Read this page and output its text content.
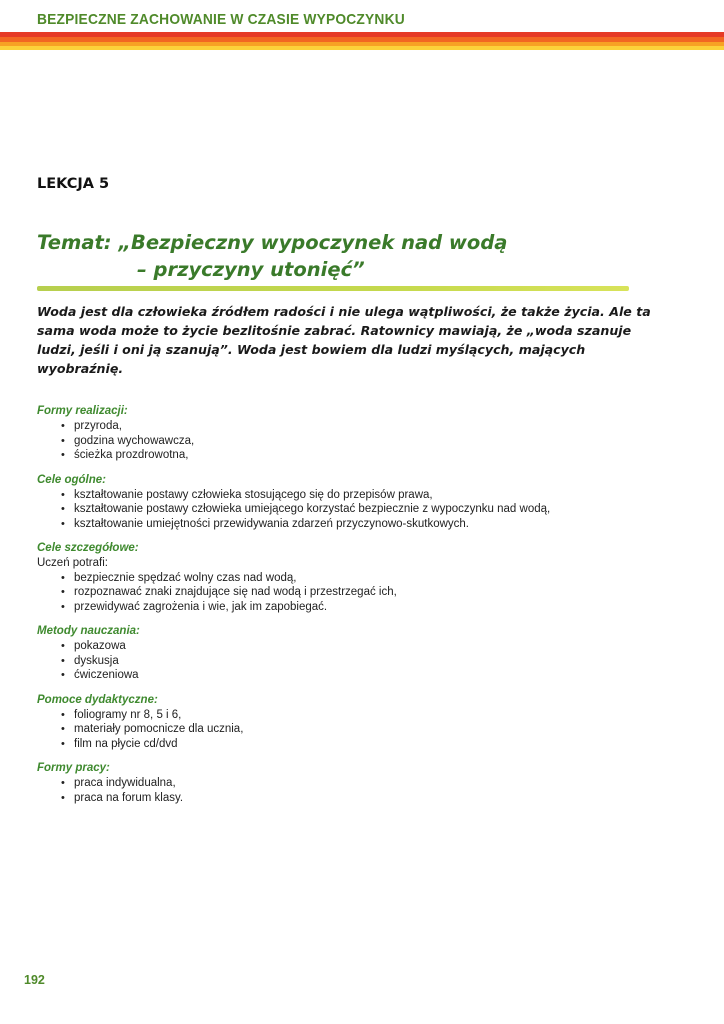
BEZPIECZNE ZACHOWANIE W CZASIE WYPOCZYNKU
LEKCJA 5
Temat: „Bezpieczny wypoczynek nad wodą
– przyczyny utonięć”
Woda jest dla człowieka źródłem radości i nie ulega wątpliwości, że także życia. Ale ta sama woda może to życie bezlitośnie zabrać. Ratownicy mawiają, że „woda szanuje ludzi, jeśli i oni ją szanują”. Woda jest bowiem dla ludzi myślących, mających wyobraźnię.
Formy realizacji:
• przyroda,
• godzina wychowawcza,
• ścieżka prozdrowotna,
Cele ogólne:
• kształtowanie postawy człowieka stosującego się do przepisów prawa,
• kształtowanie postawy człowieka umiejącego korzystać bezpiecznie z wypoczynku nad wodą,
• kształtowanie umiejętności przewidywania zdarzeń przyczynowo-skutkowych.
Cele szczegółowe:
Uczeń potrafi:
• bezpiecznie spędzać wolny czas nad wodą,
• rozpoznawać znaki znajdujące się nad wodą i przestrzegać ich,
• przewidywać zagrożenia i wie, jak im zapobiegać.
Metody nauczania:
• pokazowa
• dyskusja
• ćwiczeniowa
Pomoce dydaktyczne:
• foliogramy nr 8, 5 i 6,
• materiały pomocnicze dla ucznia,
• film na płycie cd/dvd
Formy pracy:
• praca indywidualna,
• praca na forum klasy.
192
